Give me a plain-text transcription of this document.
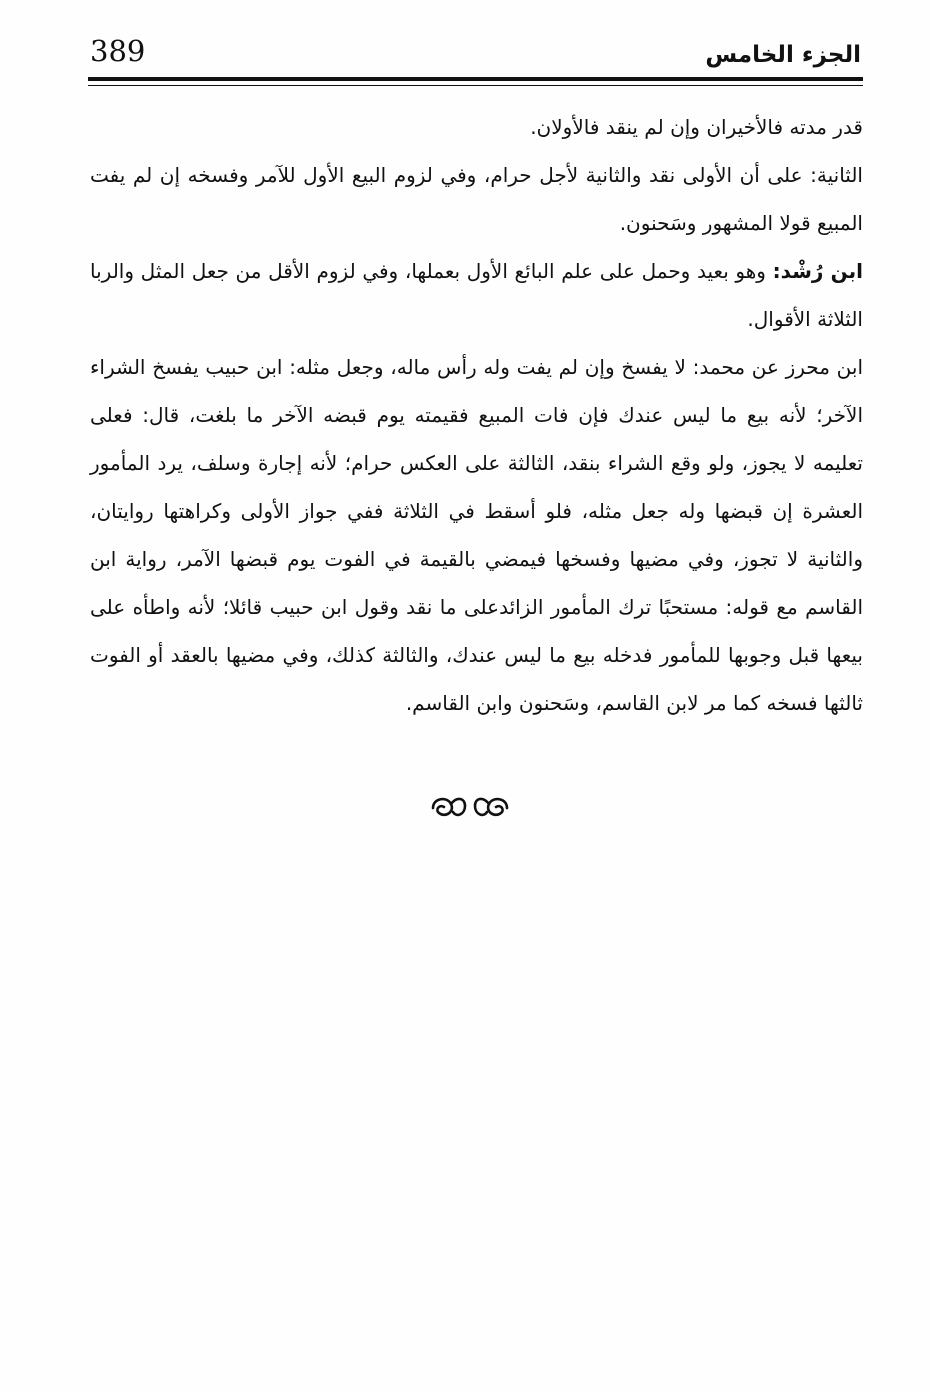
389	الجزء الخامس

قدر مدته فالأخيران وإن لم ينقد فالأولان.

الثانية: على أن الأولى نقد والثانية لأجل حرام، وفي لزوم البيع الأول للآمر وفسخه إن لم يفت المبيع قولا المشهور وسَحنون.

ابن رُشْد: وهو بعيد وحمل على علم البائع الأول بعملها، وفي لزوم الأقل من جعل المثل والربا الثلاثة الأقوال.

ابن محرز عن محمد: لا يفسخ وإن لم يفت وله رأس ماله، وجعل مثله: ابن حبيب يفسخ الشراء الآخر؛ لأنه بيع ما ليس عندك فإن فات المبيع فقيمته يوم قبضه الآخر ما بلغت، قال: فعلى تعليمه لا يجوز، ولو وقع الشراء بنقد، الثالثة على العكس حرام؛ لأنه إجارة وسلف، يرد المأمور العشرة إن قبضها وله جعل مثله، فلو أسقط في الثلاثة ففي جواز الأولى وكراهتها روايتان، والثانية لا تجوز، وفي مضيها وفسخها فيمضي بالقيمة في الفوت يوم قبضها الآمر، رواية ابن القاسم مع قوله: مستحبًا ترك المأمور الزائدعلى ما نقد وقول ابن حبيب قائلا؛ لأنه واطأه على بيعها قبل وجوبها للمأمور فدخله بيع ما ليس عندك، والثالثة كذلك، وفي مضيها بالعقد أو الفوت ثالثها فسخه كما مر لابن القاسم، وسَحنون وابن القاسم.
